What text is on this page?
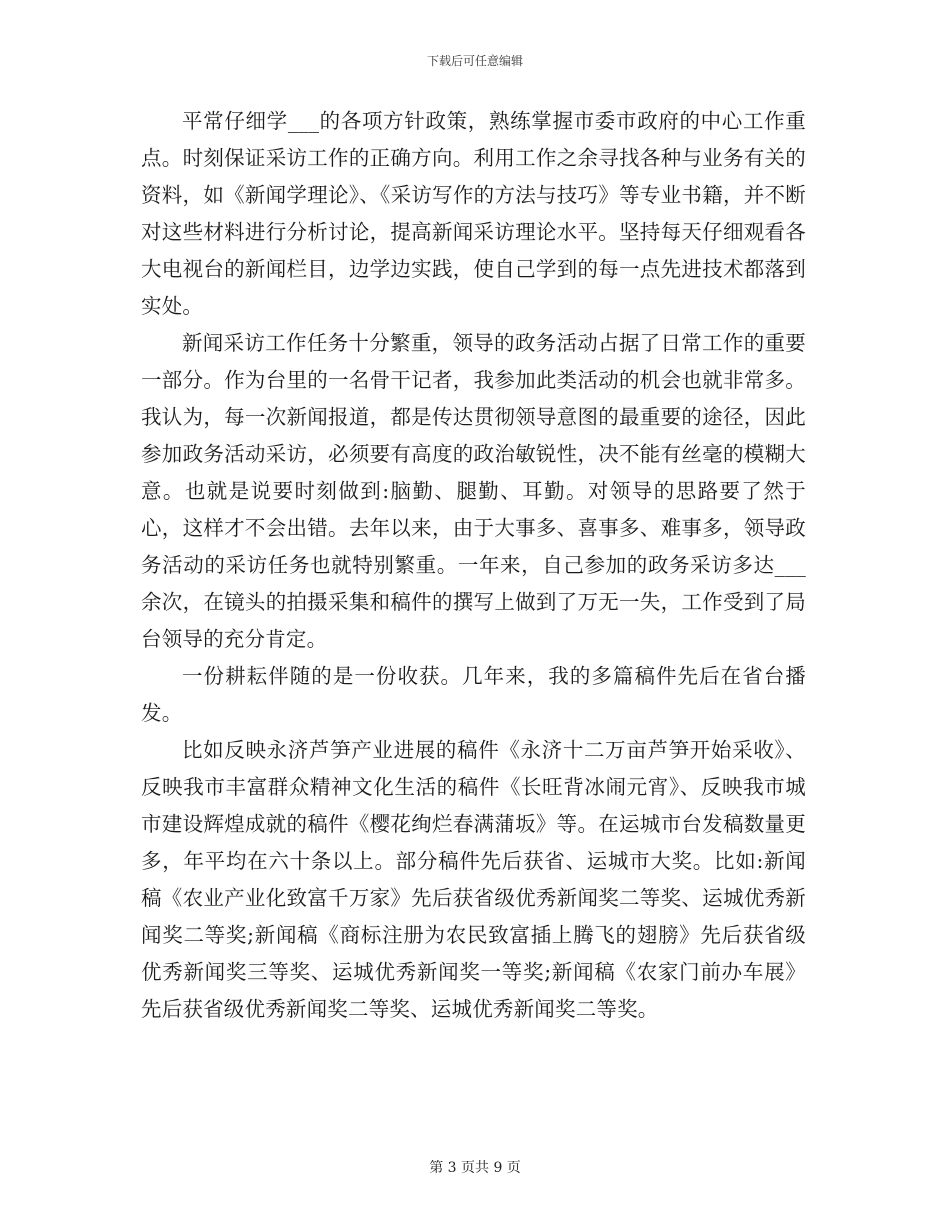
下载后可任意编辑

平常仔细学___的各项方针政策，熟练掌握市委市政府的中心工作重点。时刻保证采访工作的正确方向。利用工作之余寻找各种与业务有关的资料，如《新闻学理论》、《采访写作的方法与技巧》等专业书籍，并不断对这些材料进行分析讨论，提高新闻采访理论水平。坚持每天仔细观看各大电视台的新闻栏目，边学边实践，使自己学到的每一点先进技术都落到实处。

新闻采访工作任务十分繁重，领导的政务活动占据了日常工作的重要一部分。作为台里的一名骨干记者，我参加此类活动的机会也就非常多。我认为，每一次新闻报道，都是传达贯彻领导意图的最重要的途径，因此参加政务活动采访，必须要有高度的政治敏锐性，决不能有丝毫的模糊大意。也就是说要时刻做到:脑勤、腿勤、耳勤。对领导的思路要了然于心，这样才不会出错。去年以来，由于大事多、喜事多、难事多，领导政务活动的采访任务也就特别繁重。一年来，自己参加的政务采访多达___余次，在镜头的拍摄采集和稿件的撰写上做到了万无一失，工作受到了局台领导的充分肯定。

一份耕耘伴随的是一份收获。几年来，我的多篇稿件先后在省台播发。

比如反映永济芦笋产业进展的稿件《永济十二万亩芦笋开始采收》、反映我市丰富群众精神文化生活的稿件《长旺背冰闹元宵》、反映我市城市建设辉煌成就的稿件《樱花绚烂春满蒲坂》等。在运城市台发稿数量更多，年平均在六十条以上。部分稿件先后获省、运城市大奖。比如:新闻稿《农业产业化致富千万家》先后获省级优秀新闻奖二等奖、运城优秀新闻奖二等奖;新闻稿《商标注册为农民致富插上腾飞的翅膀》先后获省级优秀新闻奖三等奖、运城优秀新闻奖一等奖;新闻稿《农家门前办车展》先后获省级优秀新闻奖二等奖、运城优秀新闻奖二等奖。

第 3 页共 9 页
